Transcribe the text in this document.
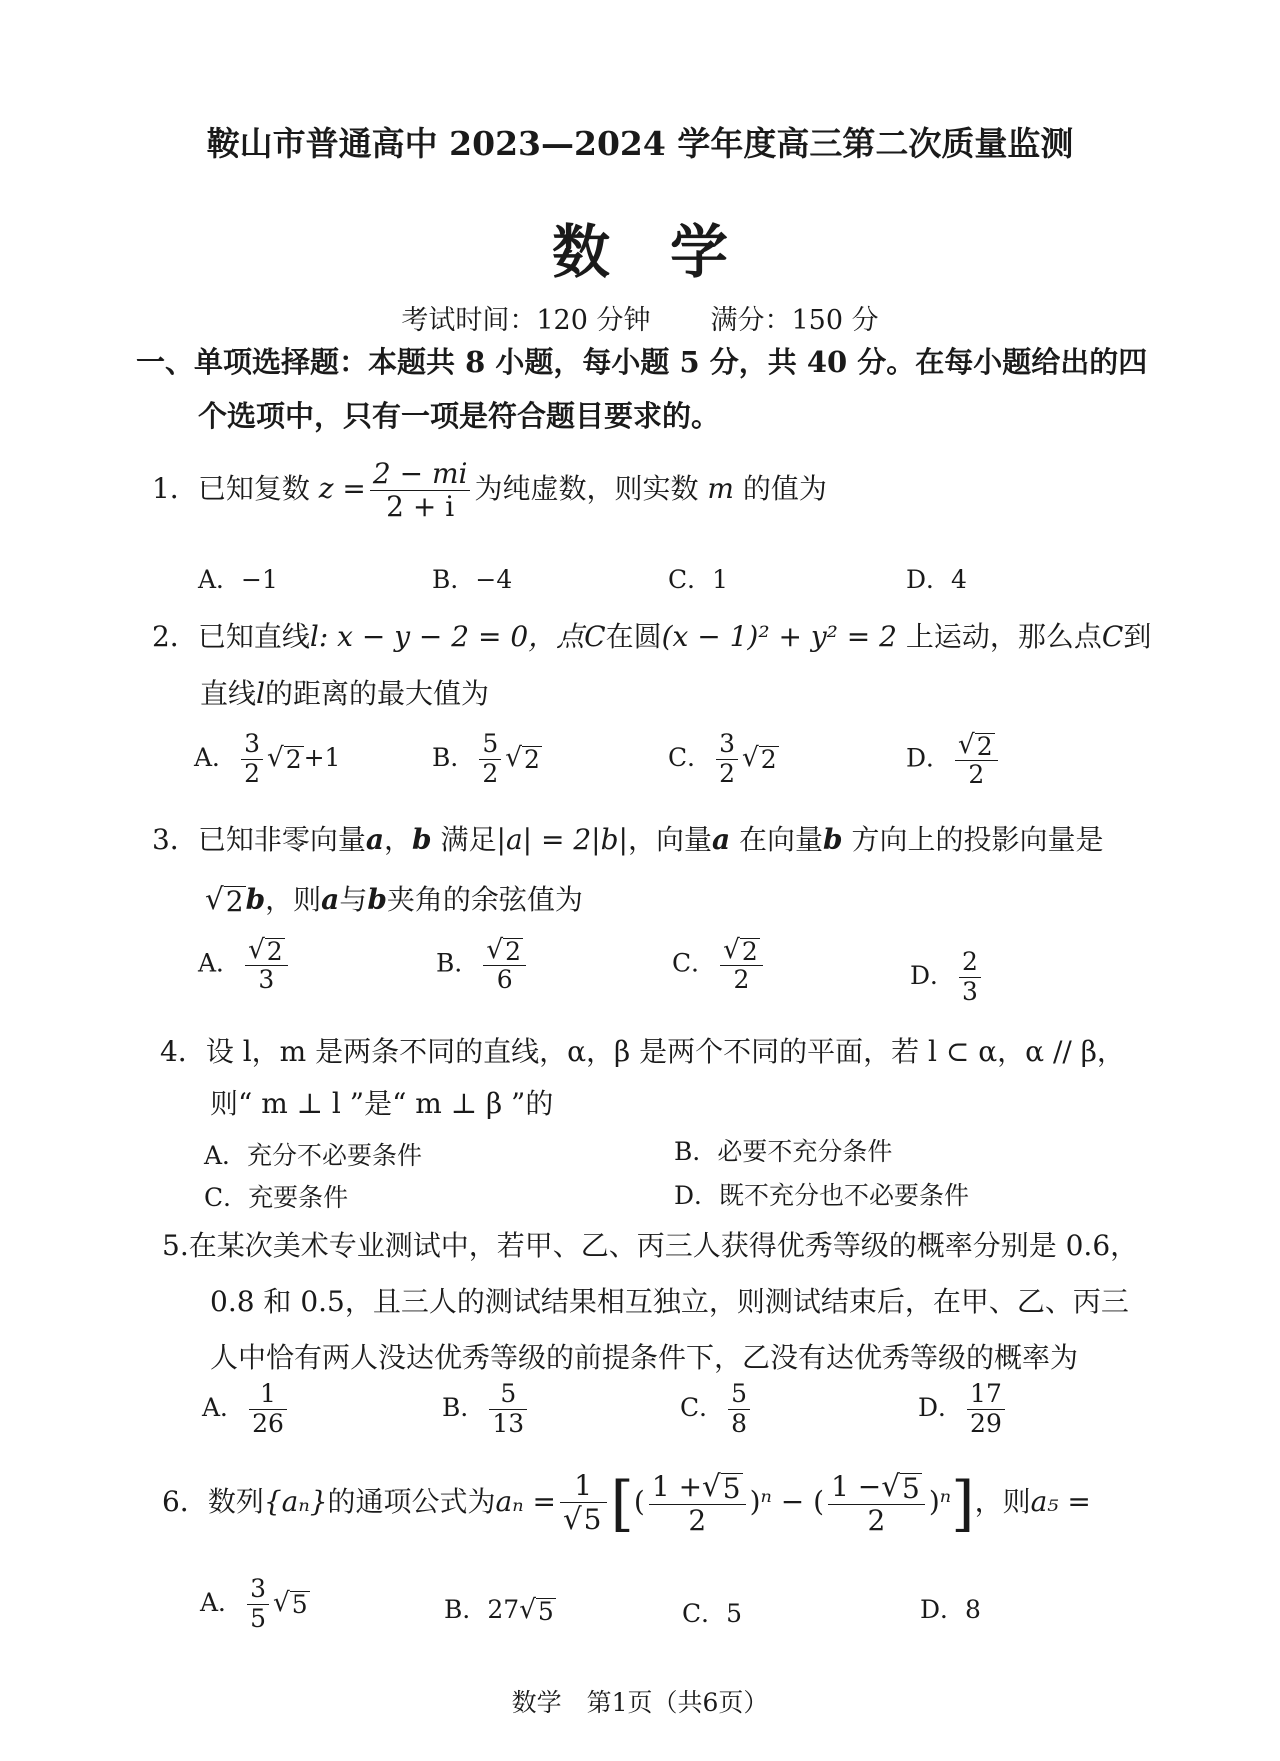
鞍山市普通高中 2023—2024 学年度高三第二次质量监测
数学
考试时间：120 分钟 满分：150 分
一、单项选择题：本题共 8 小题，每小题 5 分，共 40 分。在每小题给出的四
个选项中，只有一项是符合题目要求的。
1．已知复数 $z = \frac{2 - mi}{2 + i}$ 为纯虚数，则实数 m 的值为
A．−1	B．−4	C．1	D．4
2．已知直线l: x − y − 2 = 0，点C在圆(x − 1)² + y² = 2 上运动，那么点C到
直线l的距离的最大值为
A． $\frac{3}{2}$ √ 2 +1	B． $\frac{5}{2}$ √ 2	C． $\frac{3}{2}$ √ 2	D． $\frac{√ 2}{2}$
3．已知非零向量a，b 满足|a| = 2|b|，向量a 在向量b 方向上的投影向量是
√ 2 b，则a与b夹角的余弦值为
A． $\frac{√ 2}{3}$	B． $\frac{√ 2}{6}$	C． $\frac{√ 2}{2}$	D． $\frac{2}{3}$
4．设 l，m 是两条不同的直线，α，β 是两个不同的平面，若 l ⊂ α，α // β，
则“ m ⊥ l ”是“ m ⊥ β ”的
A．充分不必要条件	B．必要不充分条件
C．充要条件	D．既不充分也不必要条件
5.在某次美术专业测试中，若甲、乙、丙三人获得优秀等级的概率分别是 0.6，
0.8 和 0.5，且三人的测试结果相互独立，则测试结束后，在甲、乙、丙三
人中恰有两人没达优秀等级的前提条件下，乙没有达优秀等级的概率为
A． $\frac{1}{26}$	B． $\frac{5}{13}$	C． $\frac{5}{8}$	D． $\frac{17}{29}$
6．数列{aₙ}的通项公式为$a_n = \frac{1}{√5}$ [( $\frac{1 + √ 5}{2} )^n$ − ( $\frac{1 - √ 5}{2} )^n$]，则a₅ =
A． $\frac{3}{5}$ √ 5	B．27 √ 5	C．5	D．8
数学　第1页（共6页）
